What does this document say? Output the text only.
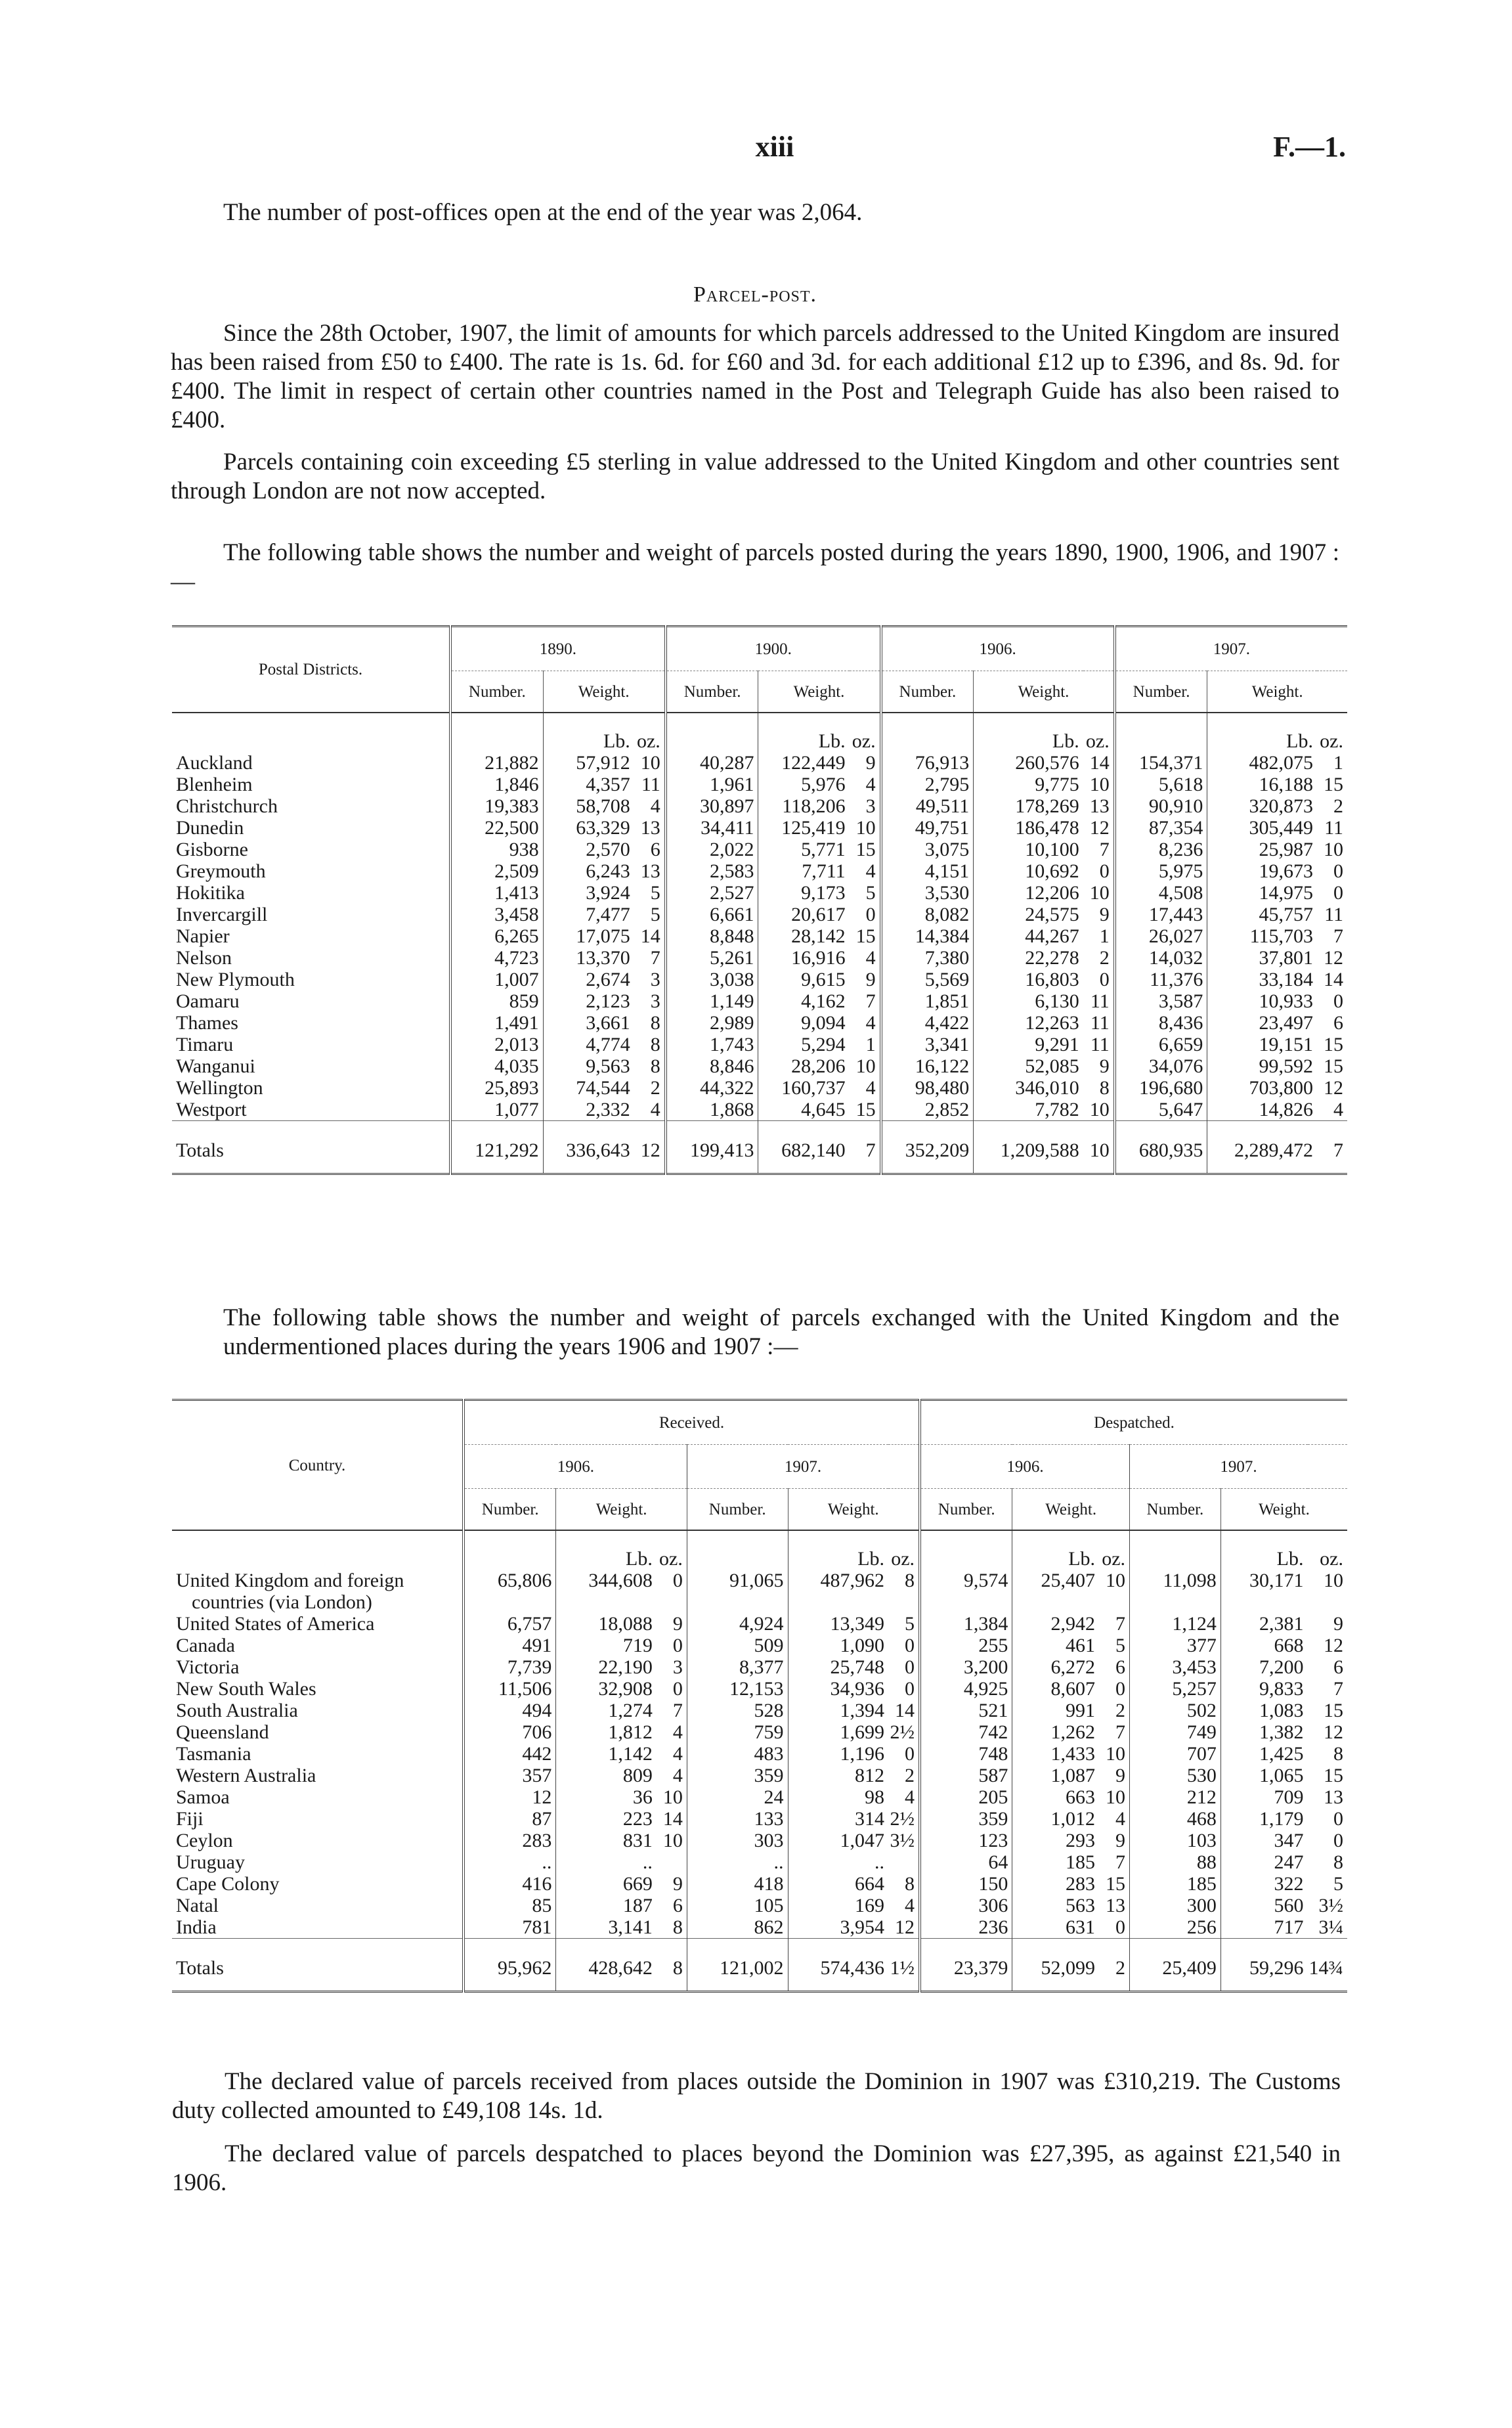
xiii	F.—1.

The number of post-offices open at the end of the year was 2,064.

Parcel-post.

Since the 28th October, 1907, the limit of amounts for which parcels addressed to the United Kingdom are insured has been raised from £50 to £400. The rate is 1s. 6d. for £60 and 3d. for each additional £12 up to £396, and 8s. 9d. for £400. The limit in respect of certain other countries named in the Post and Telegraph Guide has also been raised to £400.

Parcels containing coin exceeding £5 sterling in value addressed to the United Kingdom and other countries sent through London are not now accepted.

The following table shows the number and weight of parcels posted during the years 1890, 1900, 1906, and 1907 :—

Postal Districts.	1890.			1900.			1906.			1907.		
	Number.	Weight.		Number.	Weight.		Number.	Weight.		Number.	Weight.	
		Lb.	oz.		Lb.	oz.		Lb.	oz.		Lb.	oz.
Auckland	21,882	57,912	10	40,287	122,449	9	76,913	260,576	14	154,371	482,075	1
Blenheim	1,846	4,357	11	1,961	5,976	4	2,795	9,775	10	5,618	16,188	15
Christchurch	19,383	58,708	4	30,897	118,206	3	49,511	178,269	13	90,910	320,873	2
Dunedin	22,500	63,329	13	34,411	125,419	10	49,751	186,478	12	87,354	305,449	11
Gisborne	938	2,570	6	2,022	5,771	15	3,075	10,100	7	8,236	25,987	10
Greymouth	2,509	6,243	13	2,583	7,711	4	4,151	10,692	0	5,975	19,673	0
Hokitika	1,413	3,924	5	2,527	9,173	5	3,530	12,206	10	4,508	14,975	0
Invercargill	3,458	7,477	5	6,661	20,617	0	8,082	24,575	9	17,443	45,757	11
Napier	6,265	17,075	14	8,848	28,142	15	14,384	44,267	1	26,027	115,703	7
Nelson	4,723	13,370	7	5,261	16,916	4	7,380	22,278	2	14,032	37,801	12
New Plymouth	1,007	2,674	3	3,038	9,615	9	5,569	16,803	0	11,376	33,184	14
Oamaru	859	2,123	3	1,149	4,162	7	1,851	6,130	11	3,587	10,933	0
Thames	1,491	3,661	8	2,989	9,094	4	4,422	12,263	11	8,436	23,497	6
Timaru	2,013	4,774	8	1,743	5,294	1	3,341	9,291	11	6,659	19,151	15
Wanganui	4,035	9,563	8	8,846	28,206	10	16,122	52,085	9	34,076	99,592	15
Wellington	25,893	74,544	2	44,322	160,737	4	98,480	346,010	8	196,680	703,800	12
Westport	1,077	2,332	4	1,868	4,645	15	2,852	7,782	10	5,647	14,826	4
Totals	121,292	336,643	12	199,413	682,140	7	352,209	1,209,588	10	680,935	2,289,472	7

The following table shows the number and weight of parcels exchanged with the United Kingdom and the undermentioned places during the years 1906 and 1907 :—

Country.	Received.						Despatched.					
	1906.			1907.			1906.			1907.		
	Number.	Weight.		Number.	Weight.		Number.	Weight.		Number.	Weight.	
		Lb.	oz.		Lb.	oz.		Lb.	oz.		Lb.	oz.
United Kingdom and foreign
countries (via London)	65,806	344,608	0	91,065	487,962	8	9,574	25,407	10	11,098	30,171	10
United States of America	6,757	18,088	9	4,924	13,349	5	1,384	2,942	7	1,124	2,381	9
Canada	491	719	0	509	1,090	0	255	461	5	377	668	12
Victoria	7,739	22,190	3	8,377	25,748	0	3,200	6,272	6	3,453	7,200	6
New South Wales	11,506	32,908	0	12,153	34,936	0	4,925	8,607	0	5,257	9,833	7
South Australia	494	1,274	7	528	1,394	14	521	991	2	502	1,083	15
Queensland	706	1,812	4	759	1,699	2½	742	1,262	7	749	1,382	12
Tasmania	442	1,142	4	483	1,196	0	748	1,433	10	707	1,425	8
Western Australia	357	809	4	359	812	2	587	1,087	9	530	1,065	15
Samoa	12	36	10	24	98	4	205	663	10	212	709	13
Fiji	87	223	14	133	314	2½	359	1,012	4	468	1,179	0
Ceylon	283	831	10	303	1,047	3½	123	293	9	103	347	0
Uruguay	..	..		..	..		64	185	7	88	247	8
Cape Colony	416	669	9	418	664	8	150	283	15	185	322	5
Natal	85	187	6	105	169	4	306	563	13	300	560	3½
India	781	3,141	8	862	3,954	12	236	631	0	256	717	3¼
Totals	95,962	428,642	8	121,002	574,436	1½	23,379	52,099	2	25,409	59,296	14¾

The declared value of parcels received from places outside the Dominion in 1907 was £310,219. The Customs duty collected amounted to £49,108 14s. 1d.

The declared value of parcels despatched to places beyond the Dominion was £27,395, as against £21,540 in 1906.
